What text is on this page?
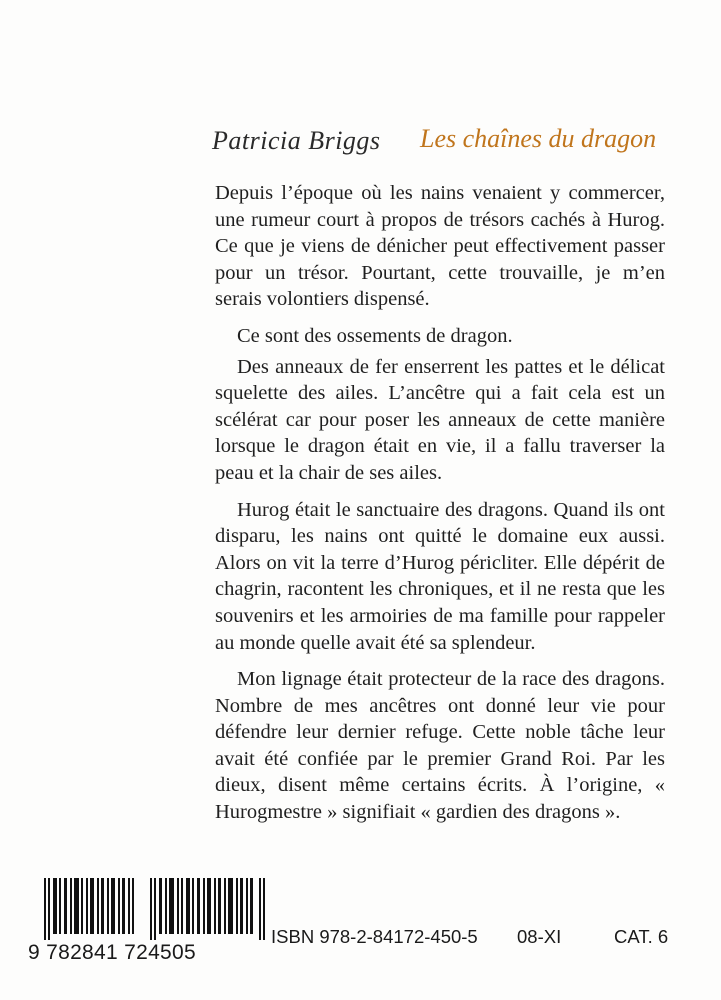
Patricia Briggs Les chaînes du dragon

Depuis l’époque où les nains venaient y commercer, une rumeur court à propos de trésors cachés à Hurog. Ce que je viens de dénicher peut effectivement passer pour un trésor. Pourtant, cette trouvaille, je m’en serais volontiers dispensé.

Ce sont des ossements de dragon.

Des anneaux de fer enserrent les pattes et le délicat squelette des ailes. L’ancêtre qui a fait cela est un scélérat car pour poser les anneaux de cette manière lorsque le dragon était en vie, il a fallu traverser la peau et la chair de ses ailes.

Hurog était le sanctuaire des dragons. Quand ils ont disparu, les nains ont quitté le domaine eux aussi. Alors on vit la terre d’Hurog péricliter. Elle dépérit de chagrin, racontent les chroniques, et il ne resta que les souvenirs et les armoiries de ma famille pour rappeler au monde quelle avait été sa splendeur.

Mon lignage était protecteur de la race des dragons. Nombre de mes ancêtres ont donné leur vie pour défendre leur dernier refuge. Cette noble tâche leur avait été confiée par le premier Grand Roi. Par les dieux, disent même certains écrits. À l’origine, « Hurogmestre » signifiait « gardien des dragons ».

9 782841 724505
ISBN 978-2-84172-450-5 08-XI	CAT. 6
